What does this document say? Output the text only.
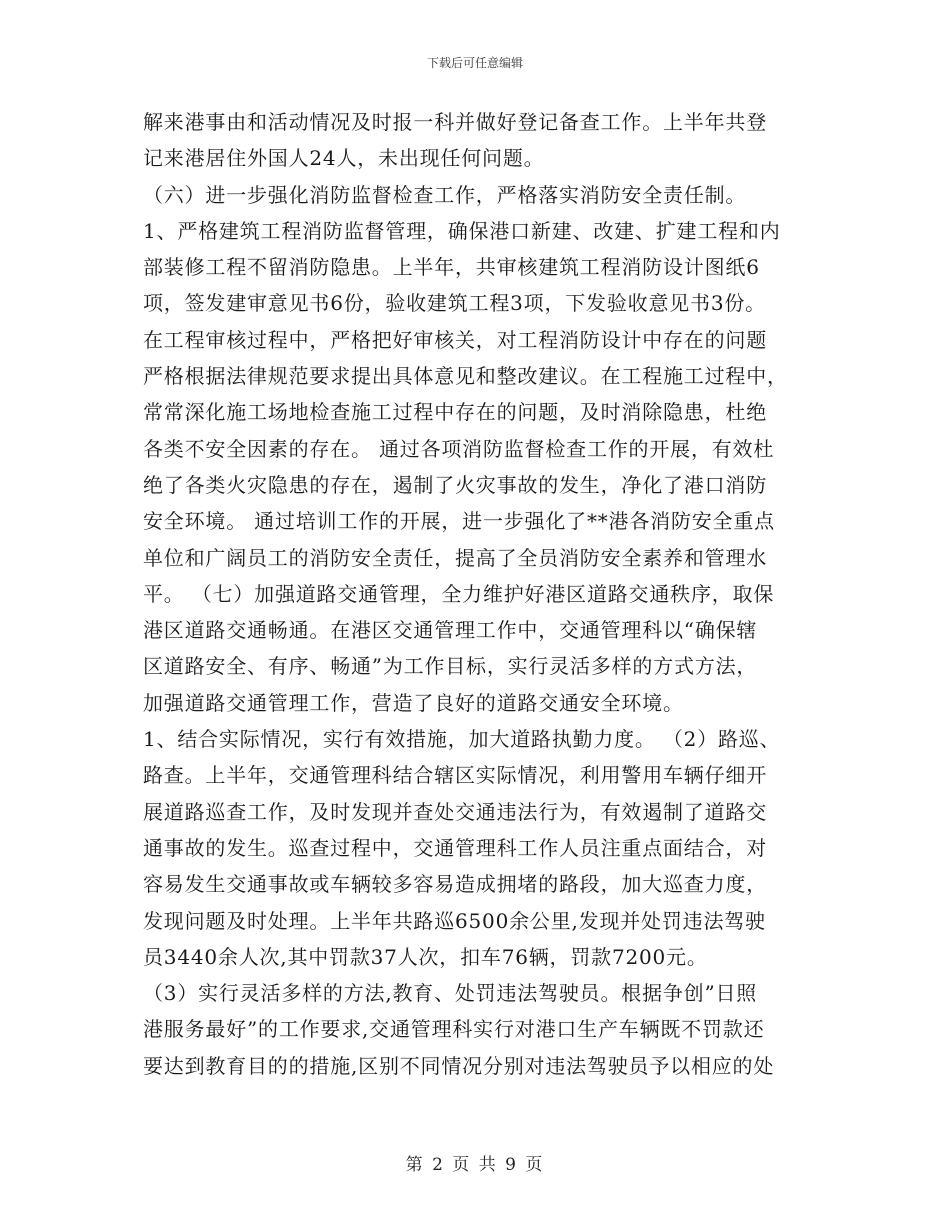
下载后可任意编辑
解来港事由和活动情况及时报一科并做好登记备查工作。上半年共登
记来港居住外国人24人，未出现任何问题。
（六）进一步强化消防监督检查工作，严格落实消防安全责任制。
1、严格建筑工程消防监督管理，确保港口新建、改建、扩建工程和内
部装修工程不留消防隐患。上半年，共审核建筑工程消防设计图纸6
项，签发建审意见书6份，验收建筑工程3项，下发验收意见书3份。
在工程审核过程中，严格把好审核关，对工程消防设计中存在的问题
严格根据法律规范要求提出具体意见和整改建议。在工程施工过程中，
常常深化施工场地检查施工过程中存在的问题，及时消除隐患，杜绝
各类不安全因素的存在。 通过各项消防监督检查工作的开展，有效杜
绝了各类火灾隐患的存在，遏制了火灾事故的发生，净化了港口消防
安全环境。 通过培训工作的开展，进一步强化了**港各消防安全重点
单位和广阔员工的消防安全责任，提高了全员消防安全素养和管理水
平。 （七）加强道路交通管理，全力维护好港区道路交通秩序，取保
港区道路交通畅通。在港区交通管理工作中，交通管理科以“确保辖
区道路安全、有序、畅通”为工作目标，实行灵活多样的方式方法，
加强道路交通管理工作，营造了良好的道路交通安全环境。
1、结合实际情况，实行有效措施，加大道路执勤力度。 （2）路巡、
路查。上半年，交通管理科结合辖区实际情况，利用警用车辆仔细开
展道路巡查工作，及时发现并查处交通违法行为，有效遏制了道路交
通事故的发生。巡查过程中，交通管理科工作人员注重点面结合，对
容易发生交通事故或车辆较多容易造成拥堵的路段，加大巡查力度，
发现问题及时处理。上半年共路巡6500余公里,发现并处罚违法驾驶
员3440余人次,其中罚款37人次，扣车76辆，罚款7200元。
（3）实行灵活多样的方法,教育、处罚违法驾驶员。根据争创”日照
港服务最好”的工作要求,交通管理科实行对港口生产车辆既不罚款还
要达到教育目的的措施,区别不同情况分别对违法驾驶员予以相应的处
第 2 页 共 9 页
